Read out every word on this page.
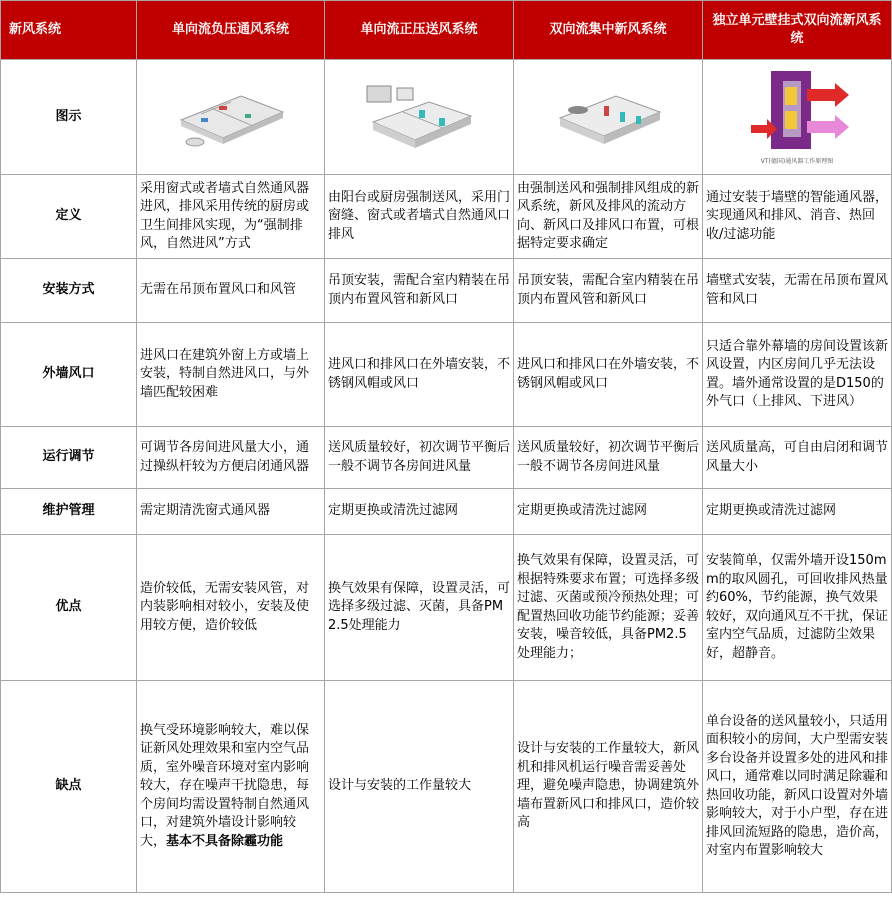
新风系统	单向流负压通风系统	单向流正压送风系统	双向流集中新风系统	独立单元壁挂式双向流新风系统
图示				VT(德国)通风器工作原理图

定义	采用窗式或者墙式自然通风器进风，排风采用传统的厨房或卫生间排风实现，为“强制排风，自然进风”方式	由阳台或厨房强制送风，采用门窗缝、窗式或者墙式自然通风口排风	由强制送风和强制排风组成的新风系统，新风及排风的流动方向、新风口及排风口布置，可根据特定要求确定	通过安装于墙壁的智能通风器，实现通风和排风、消音、热回收/过滤功能
安装方式	无需在吊顶布置风口和风管	吊顶安装，需配合室内精装在吊顶内布置风管和新风口	吊顶安装，需配合室内精装在吊顶内布置风管和新风口	墙壁式安装，无需在吊顶布置风管和风口
外墙风口	进风口在建筑外窗上方或墙上安装，特制自然进风口，与外墙匹配较困难	进风口和排风口在外墙安装，不锈钢风帽或风口	进风口和排风口在外墙安装，不锈钢风帽或风口	只适合靠外幕墙的房间设置该新风设置，内区房间几乎无法设置。墙外通常设置的是D150的外气口（上排风、下进风）
运行调节	可调节各房间进风量大小，通过操纵杆较为方便启闭通风器	送风质量较好，初次调节平衡后一般不调节各房间进风量	送风质量较好，初次调节平衡后一般不调节各房间进风量	送风质量高，可自由启闭和调节风量大小
维护管理	需定期清洗窗式通风器	定期更换或清洗过滤网	定期更换或清洗过滤网	定期更换或清洗过滤网
优点	造价较低，无需安装风管，对内装影响相对较小，安装及使用较方便，造价较低	换气效果有保障，设置灵活，可选择多级过滤、灭菌，具备PM2.5处理能力	换气效果有保障，设置灵活，可根据特殊要求布置；可选择多级过滤、灭菌或预冷预热处理；可配置热回收功能节约能源；妥善安装，噪音较低，具备PM2.5处理能力；	安装简单，仅需外墙开设150mm的取风圆孔，可回收排风热量约60%，节约能源，换气效果较好，双向通风互不干扰，保证室内空气品质，过滤防尘效果好，超静音。
缺点	换气受环境影响较大，难以保证新风处理效果和室内空气品质，室外噪音环境对室内影响较大，存在噪声干扰隐患，每个房间均需设置特制自然通风口，对建筑外墙设计影响较大，基本不具备除霾功能	设计与安装的工作量较大	设计与安装的工作量较大，新风机和排风机运行噪音需妥善处理，避免噪声隐患，协调建筑外墙布置新风口和排风口，造价较高	单台设备的送风量较小，只适用面积较小的房间，大户型需安装多台设备并设置多处的进风和排风口，通常难以同时满足除霾和热回收功能，新风口设置对外墙影响较大，对于小户型，存在进排风回流短路的隐患，造价高，对室内布置影响较大
